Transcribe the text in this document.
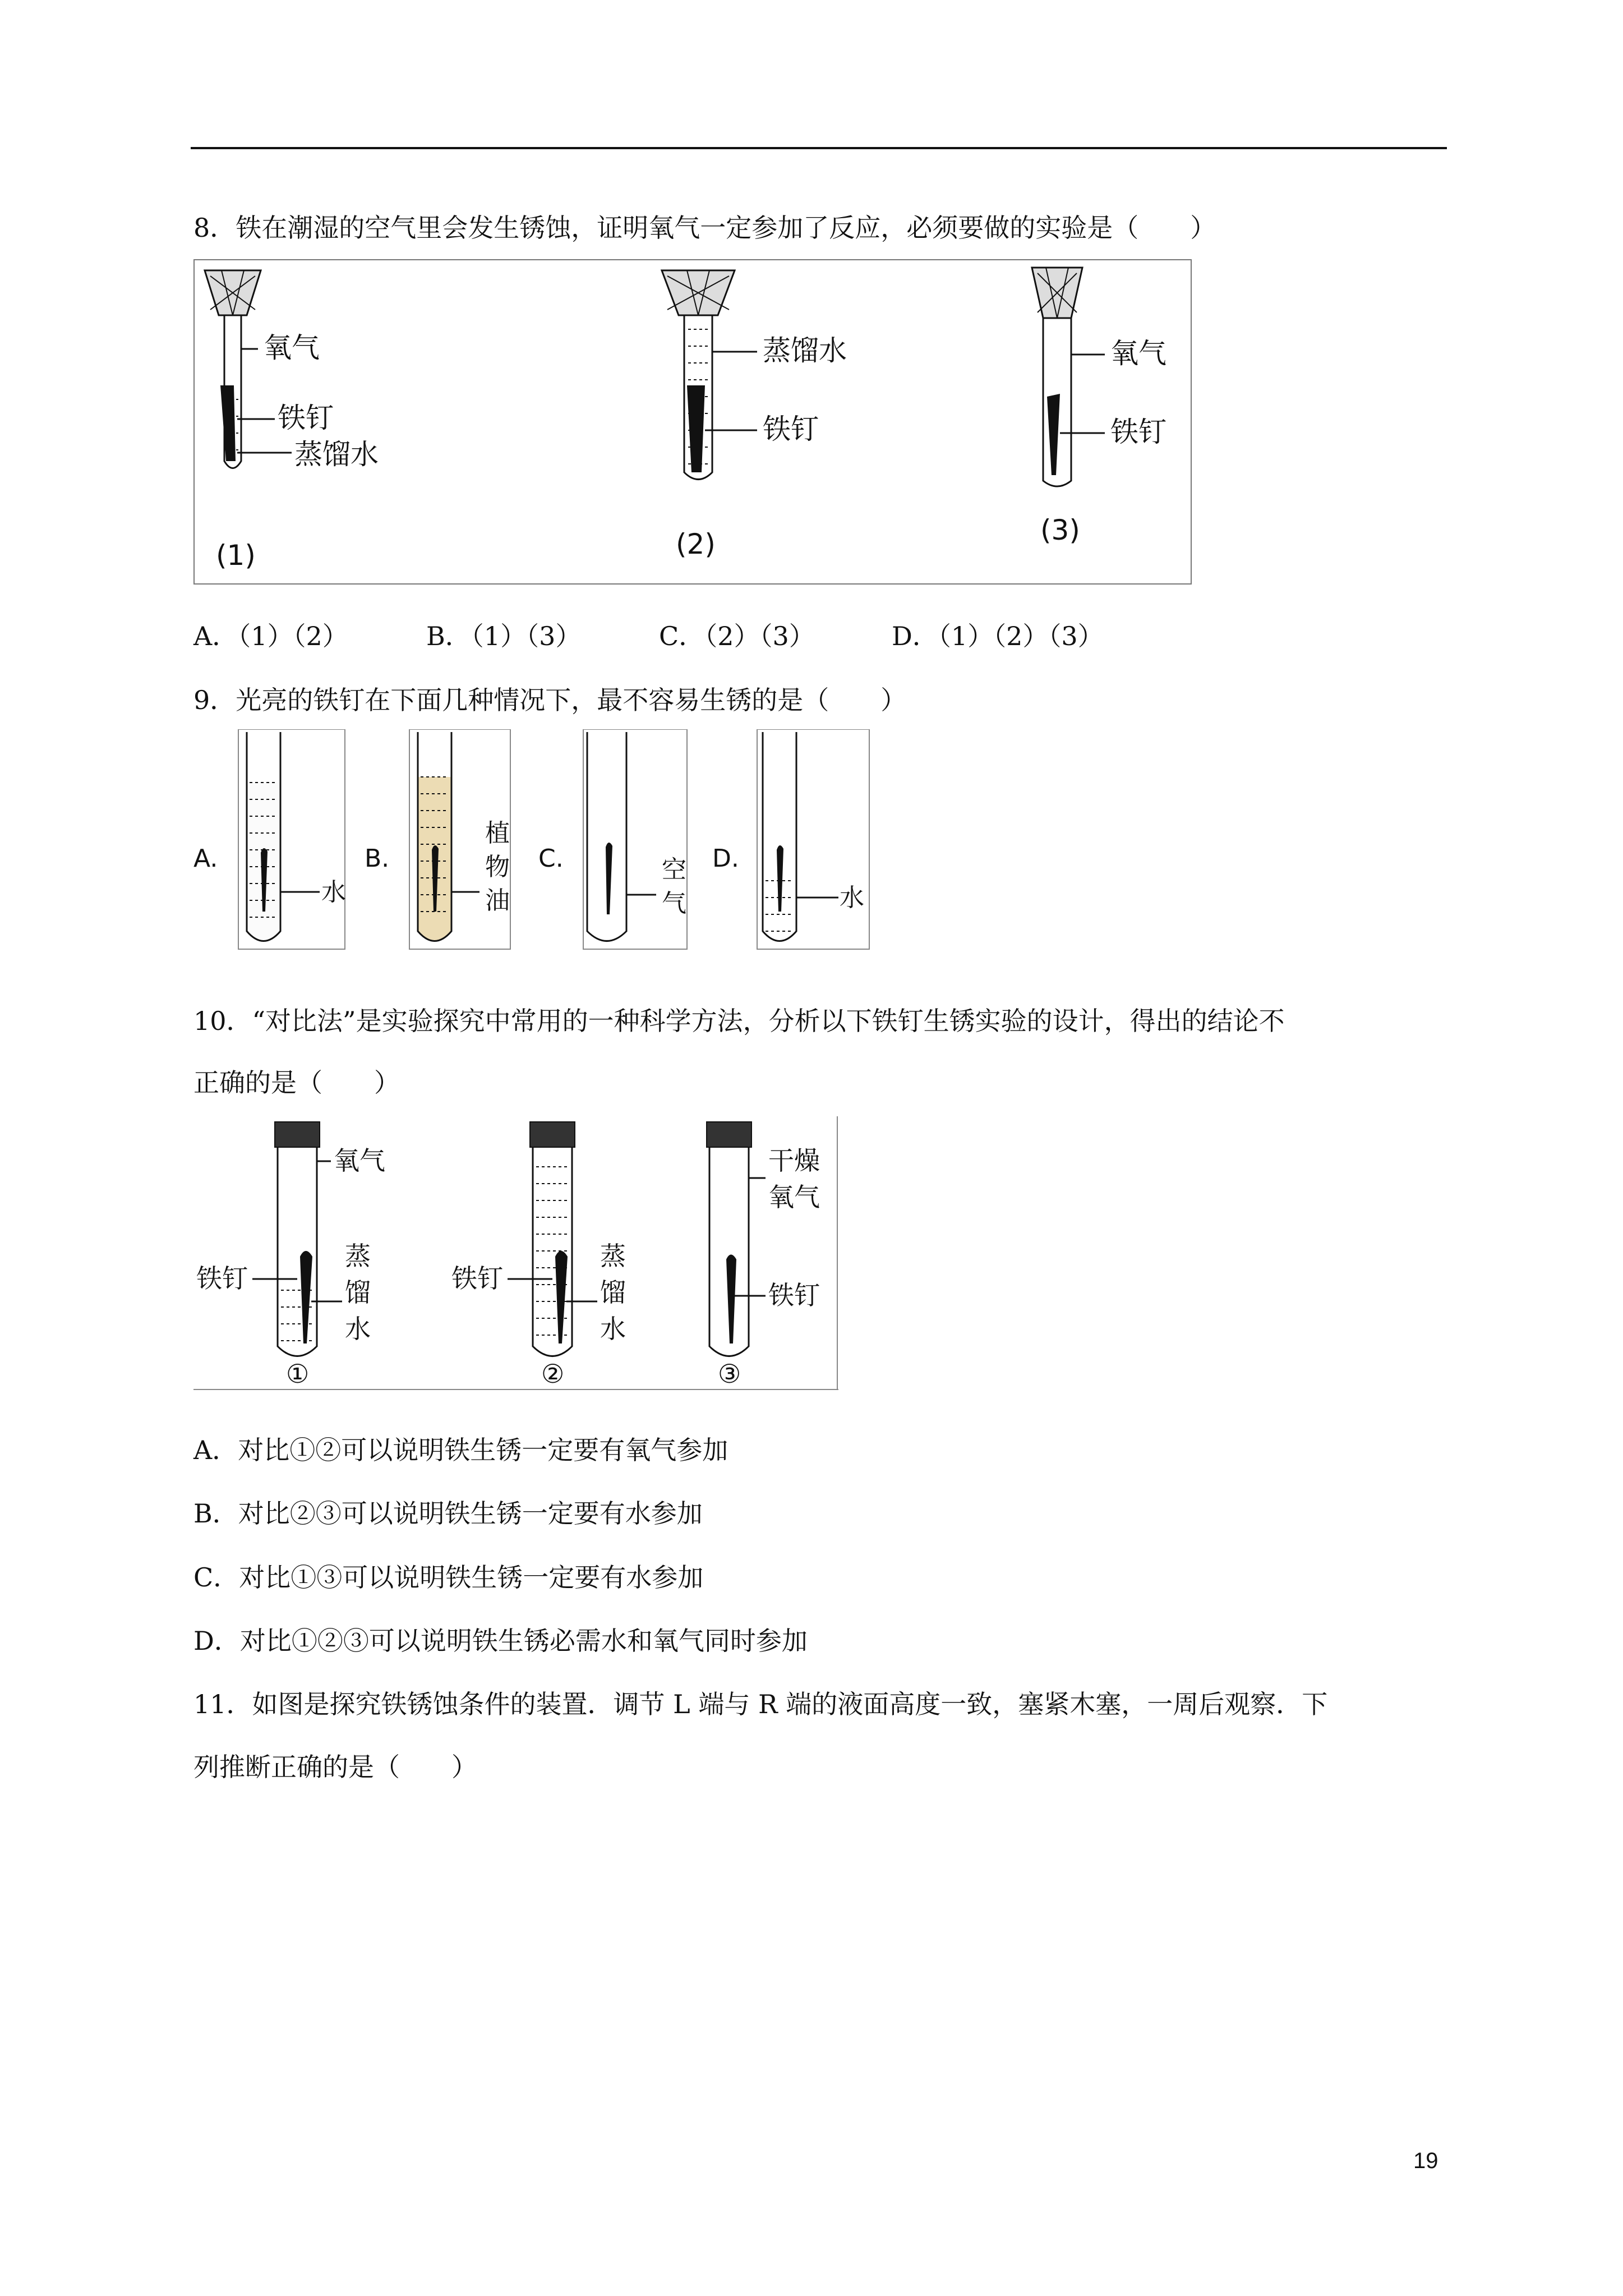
8．铁在潮湿的空气里会发生锈蚀，证明氧气一定参加了反应，必须要做的实验是（　　）
氧气
铁钉
蒸馏水
(1)
蒸馏水
铁钉
(2)
氧气
铁钉
(3)
A．（1）（2）	B．（1）（3）	C．（2）（3）	D．（1）（2）（3）
9．光亮的铁钉在下面几种情况下，最不容易生锈的是（　　）
A.
水
B.
植
物
油
C.	空
气
D.
水
10．“对比法”是实验探究中常用的一种科学方法，分析以下铁钉生锈实验的设计，得出的结论不
正确的是（　　）
氧气
铁钉
蒸
馏
水
①
铁钉
蒸
馏
水
②
干燥
氧气
铁钉
③
A．对比①②可以说明铁生锈一定要有氧气参加
B．对比②③可以说明铁生锈一定要有水参加
C．对比①③可以说明铁生锈一定要有水参加
D．对比①②③可以说明铁生锈必需水和氧气同时参加
11．如图是探究铁锈蚀条件的装置．调节 L 端与 R 端的液面高度一致，塞紧木塞，一周后观察．下
列推断正确的是（　　）
19
